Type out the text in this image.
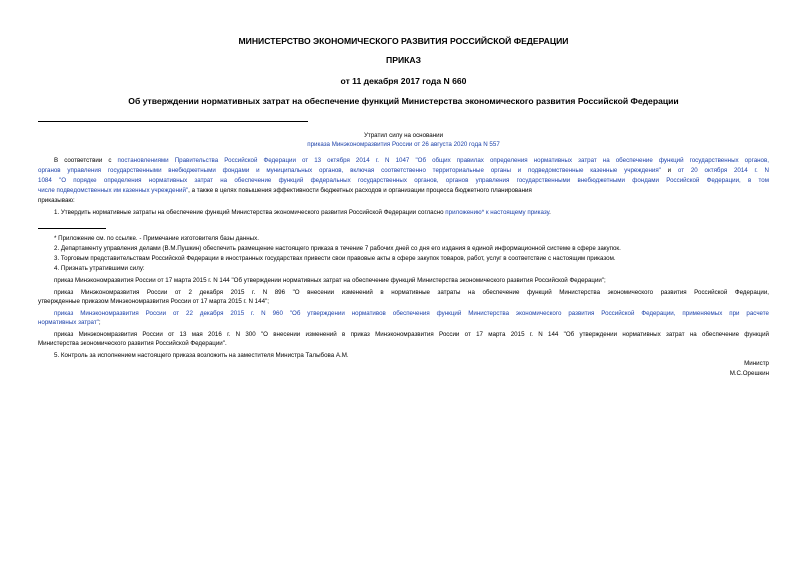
МИНИСТЕРСТВО ЭКОНОМИЧЕСКОГО РАЗВИТИЯ РОССИЙСКОЙ ФЕДЕРАЦИИ
ПРИКАЗ
от 11 декабря 2017 года N 660
Об утверждении нормативных затрат на обеспечение функций Министерства экономического развития Российской Федерации
Утратил силу на основании
приказа Минэкономразвития России от 26 августа 2020 года N 557
В соответствии с постановлениями Правительства Российской Федерации от 13 октября 2014 г. N 1047 "Об общих правилах определения нормативных затрат на обеспечение функций государственных органов,
органов управления государственными внебюджетными фондами и муниципальных органов, включая соответственно территориальные органы и подведомственные казенные учреждения" и от 20 октября 2014 г. N
1084 "О порядке определения нормативных затрат на обеспечение функций федеральных государственных органов, органов управления государственными внебюджетными фондами Российской Федерации, в том
числе подведомственных им казенных учреждений", а также в целях повышения эффективности бюджетных расходов и организации процесса бюджетного планирования
приказываю:
1. Утвердить нормативные затраты на обеспечение функций Министерства экономического развития Российской Федерации согласно приложению* к настоящему приказу.
* Приложение см. по ссылке. - Примечание изготовителя базы данных.
2. Департаменту управления делами (В.М.Пушкин) обеспечить размещение настоящего приказа в течение 7 рабочих дней со дня его издания в единой информационной системе в сфере закупок.
3. Торговым представительствам Российской Федерации в иностранных государствах привести свои правовые акты в сфере закупок товаров, работ, услуг в соответствие с настоящим приказом.
4. Признать утратившими силу:
приказ Минэкономразвития России от 17 марта 2015 г. N 144 "Об утверждении нормативных затрат на обеспечение функций Министерства экономического развития Российской Федерации";
приказ Минэкономразвития России от 2 декабря 2015 г. N 896 "О внесении изменений в нормативные затраты на обеспечение функций Министерства экономического развития Российской Федерации,
утвержденные приказом Минэкономразвития России от 17 марта 2015 г. N 144";
приказ Минэкономразвития России от 22 декабря 2015 г. N 960 "Об утверждении нормативов обеспечения функций Министерства экономического развития Российской Федерации, применяемых при расчете
нормативных затрат";
приказ Минэкономразвития России от 13 мая 2016 г. N 300 "О внесении изменений в приказ Минэкономразвития России от 17 марта 2015 г. N 144 "Об утверждении нормативных затрат на обеспечение функций
Министерства экономического развития Российской Федерации".
5. Контроль за исполнением настоящего приказа возложить на заместителя Министра Талыбова А.М.
Министр
М.С.Орешкин
